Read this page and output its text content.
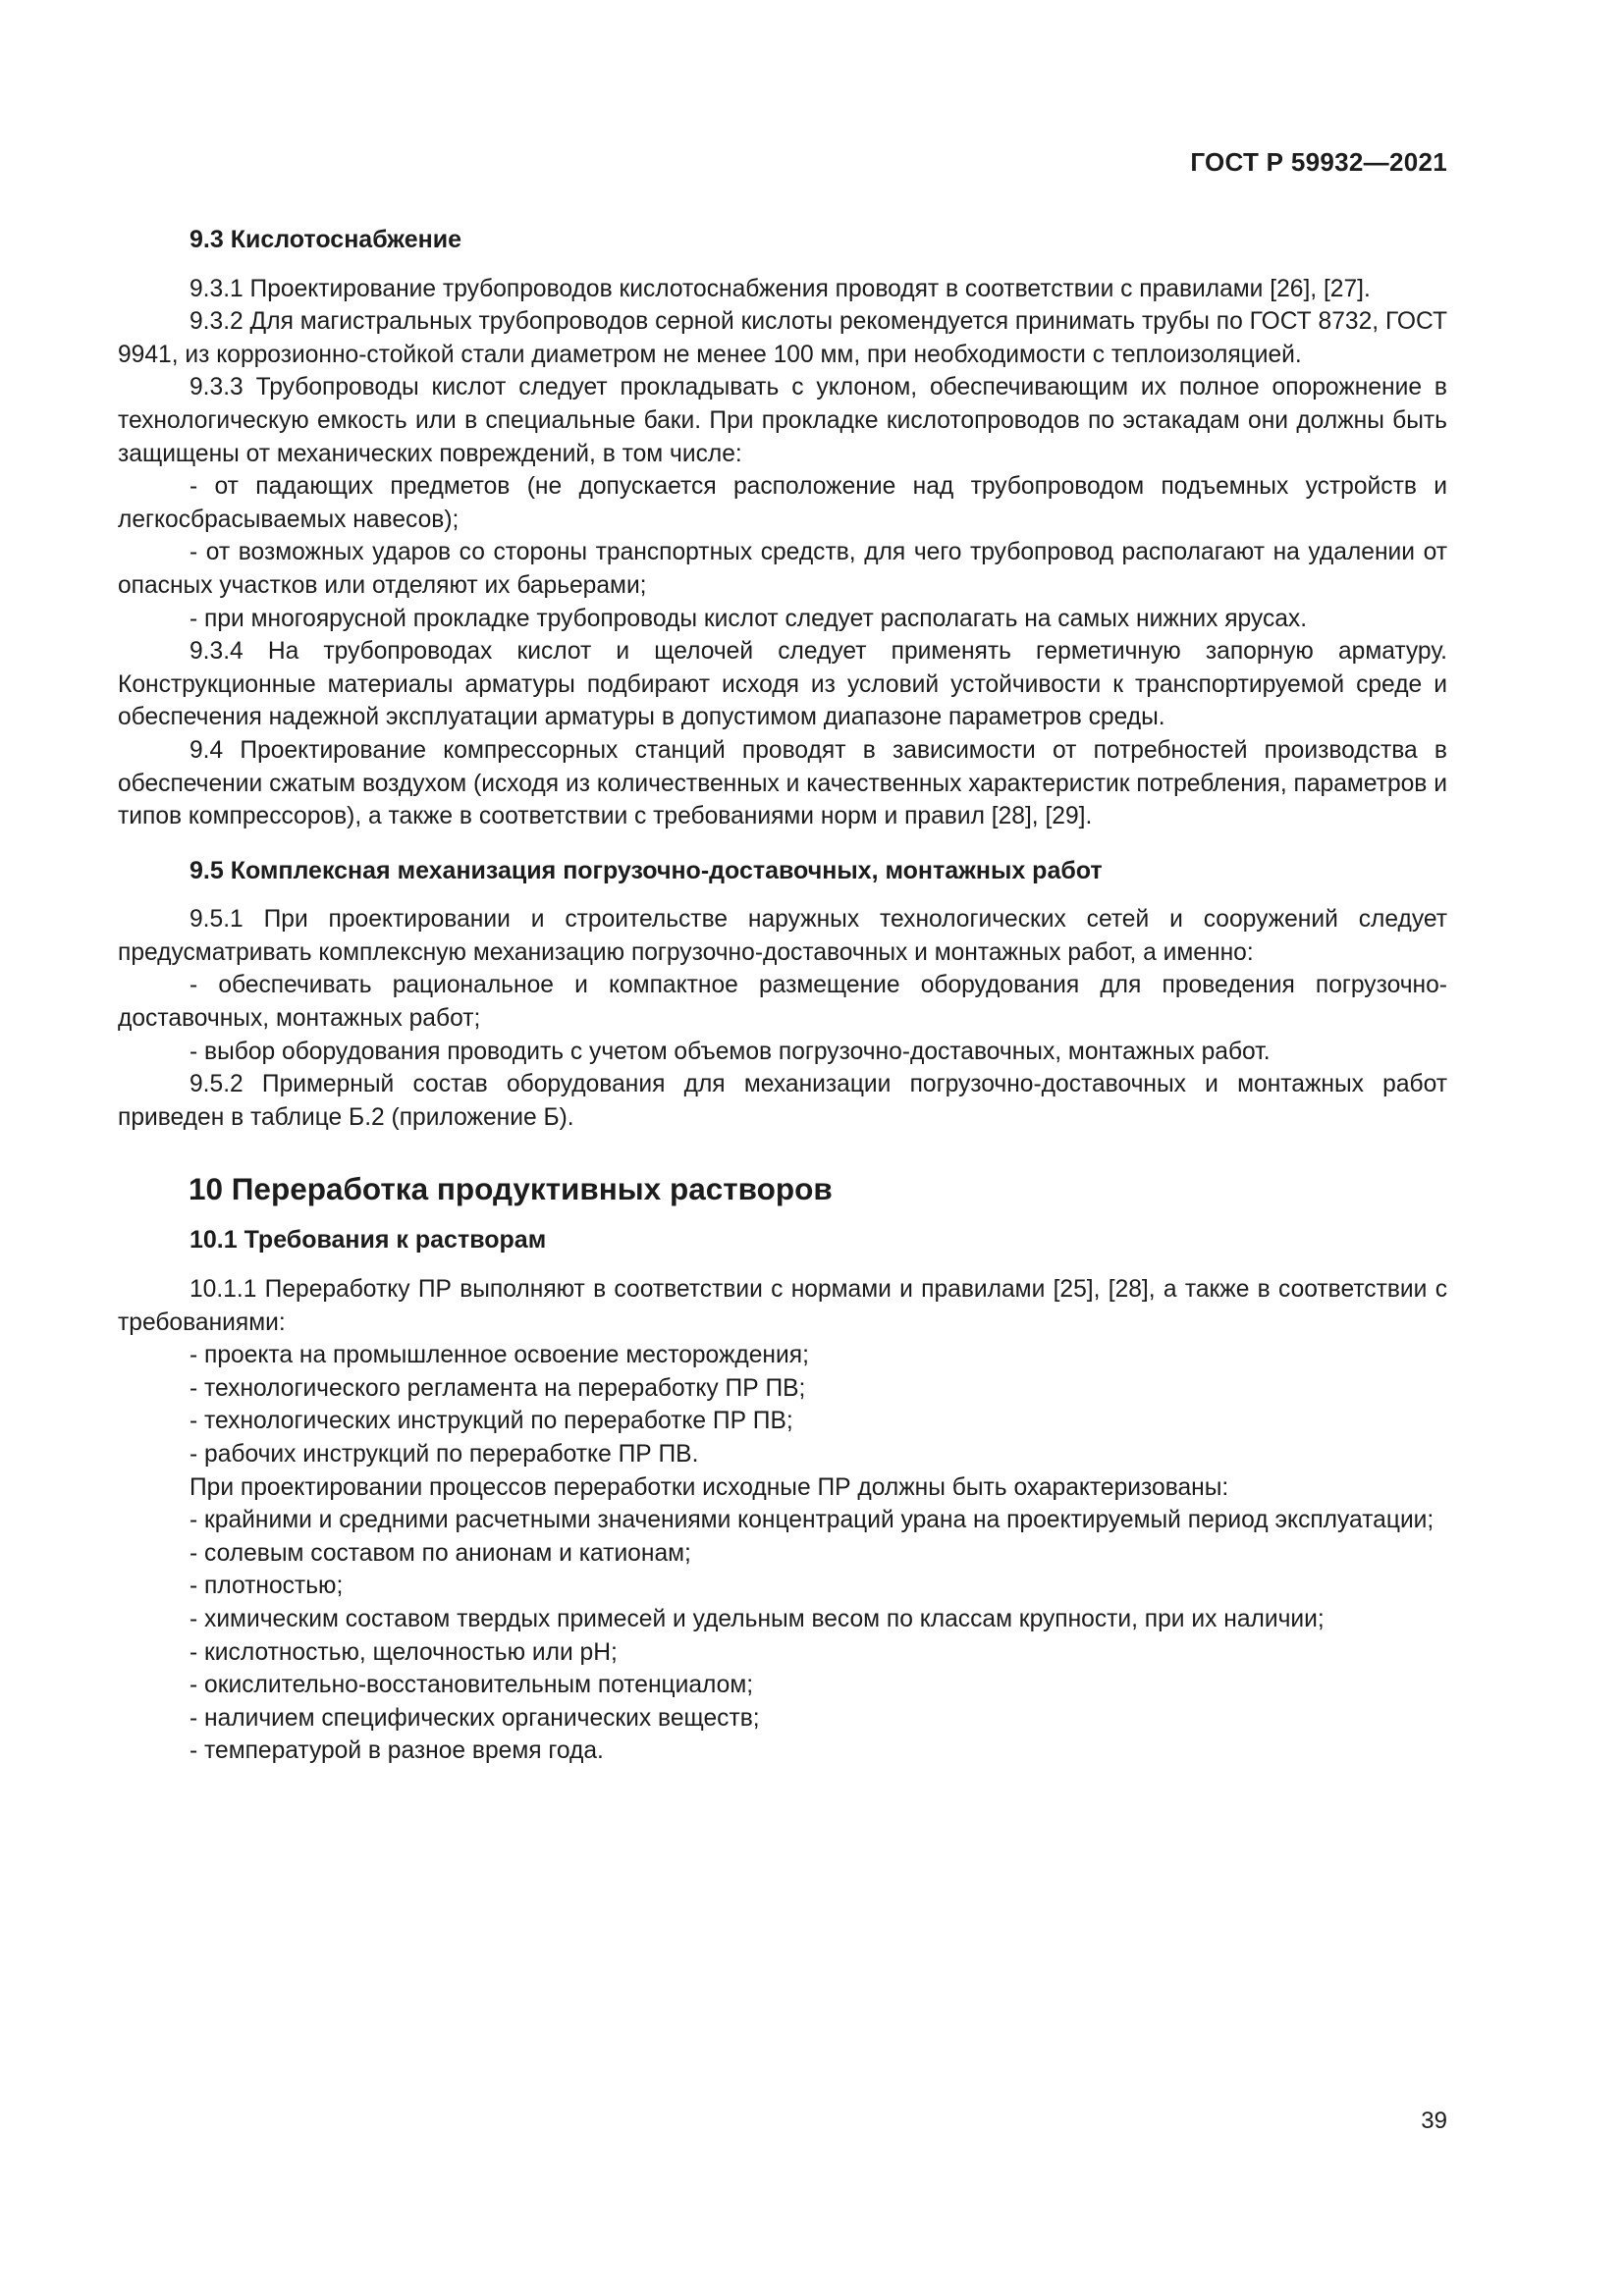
ГОСТ Р 59932—2021
9.3 Кислотоснабжение

9.3.1 Проектирование трубопроводов кислотоснабжения проводят в соответствии с правилами [26], [27].

9.3.2 Для магистральных трубопроводов серной кислоты рекомендуется принимать трубы по ГОСТ 8732, ГОСТ 9941, из коррозионно-стойкой стали диаметром не менее 100 мм, при необходимости с теплоизоляцией.

9.3.3 Трубопроводы кислот следует прокладывать с уклоном, обеспечивающим их полное опорожнение в технологическую емкость или в специальные баки. При прокладке кислотопроводов по эстакадам они должны быть защищены от механических повреждений, в том числе:

- от падающих предметов (не допускается расположение над трубопроводом подъемных устройств и легкосбрасываемых навесов);

- от возможных ударов со стороны транспортных средств, для чего трубопровод располагают на удалении от опасных участков или отделяют их барьерами;

- при многоярусной прокладке трубопроводы кислот следует располагать на самых нижних ярусах.

9.3.4 На трубопроводах кислот и щелочей следует применять герметичную запорную арматуру. Конструкционные материалы арматуры подбирают исходя из условий устойчивости к транспортируемой среде и обеспечения надежной эксплуатации арматуры в допустимом диапазоне параметров среды.

9.4 Проектирование компрессорных станций проводят в зависимости от потребностей производства в обеспечении сжатым воздухом (исходя из количественных и качественных характеристик потребления, параметров и типов компрессоров), а также в соответствии с требованиями норм и правил [28], [29].

9.5 Комплексная механизация погрузочно-доставочных, монтажных работ

9.5.1 При проектировании и строительстве наружных технологических сетей и сооружений следует предусматривать комплексную механизацию погрузочно-доставочных и монтажных работ, а именно:

- обеспечивать рациональное и компактное размещение оборудования для проведения погрузочно-доставочных, монтажных работ;

- выбор оборудования проводить с учетом объемов погрузочно-доставочных, монтажных работ.

9.5.2 Примерный состав оборудования для механизации погрузочно-доставочных и монтажных работ приведен в таблице Б.2 (приложение Б).

10 Переработка продуктивных растворов
10.1 Требования к растворам

10.1.1 Переработку ПР выполняют в соответствии с нормами и правилами [25], [28], а также в соответствии с требованиями:

- проекта на промышленное освоение месторождения;

- технологического регламента на переработку ПР ПВ;

- технологических инструкций по переработке ПР ПВ;

- рабочих инструкций по переработке ПР ПВ.

При проектировании процессов переработки исходные ПР должны быть охарактеризованы:

- крайними и средними расчетными значениями концентраций урана на проектируемый период эксплуатации;

- солевым составом по анионам и катионам;

- плотностью;

- химическим составом твердых примесей и удельным весом по классам крупности, при их наличии;

- кислотностью, щелочностью или pH;

- окислительно-восстановительным потенциалом;

- наличием специфических органических веществ;

- температурой в разное время года.

39
